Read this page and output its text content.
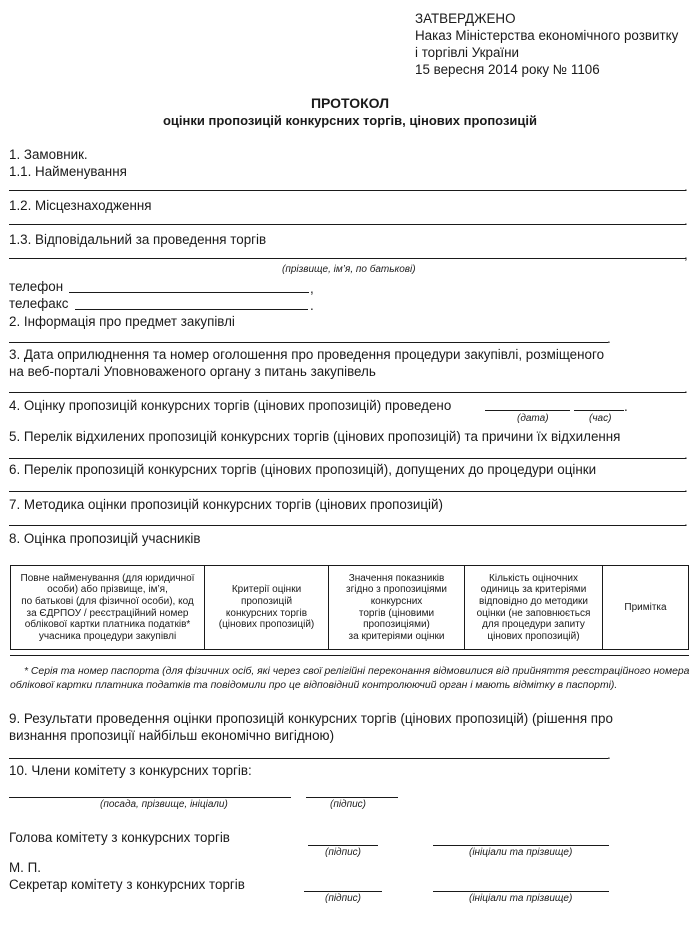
ЗАТВЕРДЖЕНО
Наказ Міністерства економічного розвитку
і торгівлі України
15 вересня 2014 року № 1106
ПРОТОКОЛ
оцінки пропозицій конкурсних торгів, цінових пропозицій
1. Замовник.
1.1. Найменування
.
1.2. Місцезнаходження
.
1.3. Відповідальний за проведення торгів
,
(прізвище, ім’я, по батькові)
телефон	,
телефакс	.
2. Інформація про предмет закупівлі
.
3. Дата оприлюднення та номер оголошення про проведення процедури закупівлі, розміщеного
на веб-порталі Уповноваженого органу з питань закупівель
.
4. Оцінку пропозицій конкурсних торгів (цінових пропозицій) проведено	.
(дата)	(час)
5. Перелік відхилених пропозицій конкурсних торгів (цінових пропозицій) та причини їх відхилення
.
6. Перелік пропозицій конкурсних торгів (цінових пропозицій), допущених до процедури оцінки
.
7. Методика оцінки пропозицій конкурсних торгів (цінових пропозицій)
.
8. Оцінка пропозицій учасників
Повне найменування (для юридичної
особи) або прізвище, ім’я,
по батькові (для фізичної особи), код
за ЄДРПОУ / реєстраційний номер
облікової картки платника податків*
учасника процедури закупівлі

Критерії оцінки
пропозицій
конкурсних торгів
(цінових пропозицій)

Значення показників
згідно з пропозиціями
конкурсних
торгів (ціновими
пропозиціями)
за критеріями оцінки

Кількість оціночних
одиниць за критеріями
відповідно до методики
оцінки (не заповнюється
для процедури запиту
цінових пропозицій)

Примітка
* Серія та номер паспорта (для фізичних осіб, які через свої релігійні переконання відмовилися від прийняття реєстраційного номера
облікової картки платника податків та повідомили про це відповідний контролюючий орган і мають відмітку в паспорті).
9. Результати проведення оцінки пропозицій конкурсних торгів (цінових пропозицій) (рішення про
визнання пропозиції найбільш економічно вигідною)
.
10. Члени комітету з конкурсних торгів:
(посада, прізвище, ініціали)	(підпис)
Голова комітету з конкурсних торгів
(підпис)	(ініціали та прізвище)
М. П.
Секретар комітету з конкурсних торгів
(підпис)	(ініціали та прізвище)
